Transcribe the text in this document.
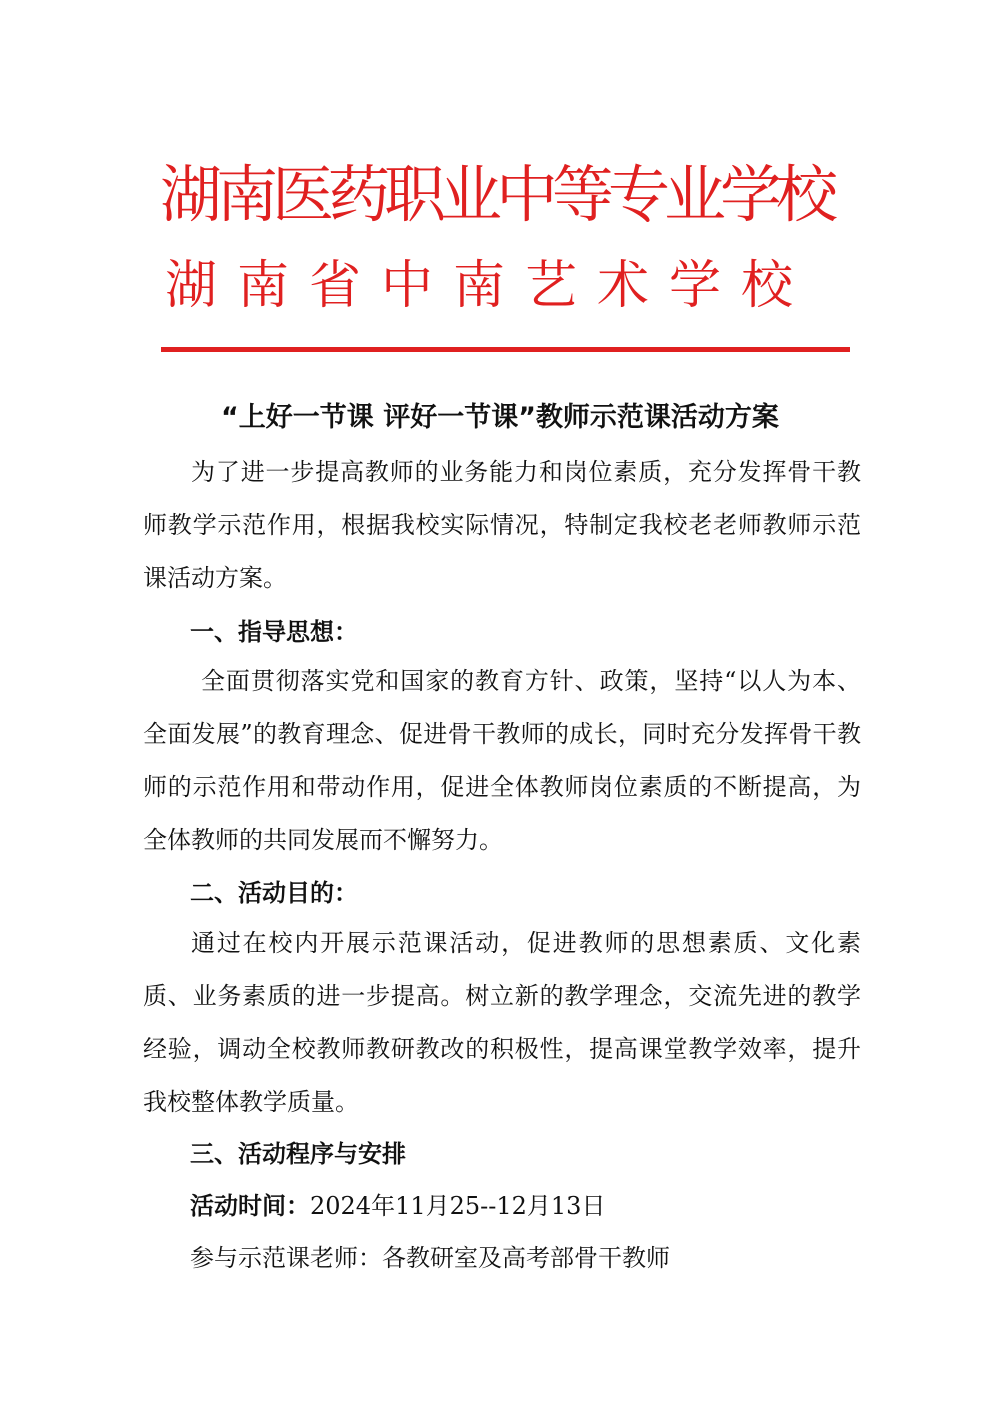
湖南医药职业中等专业学校
湖南省中南艺术学校
“上好一节课 评好一节课”教师示范课活动方案

为了进一步提高教师的业务能力和岗位素质，充分发挥骨干教师教学示范作用，根据我校实际情况，特制定我校老老师教师示范课活动方案。

一、指导思想：

全面贯彻落实党和国家的教育方针、政策，坚持“以人为本、全面发展”的教育理念、促进骨干教师的成长，同时充分发挥骨干教师的示范作用和带动作用，促进全体教师岗位素质的不断提高，为全体教师的共同发展而不懈努力。

二、活动目的：

通过在校内开展示范课活动，促进教师的思想素质、文化素质、业务素质的进一步提高。树立新的教学理念，交流先进的教学经验，调动全校教师教研教改的积极性，提高课堂教学效率，提升我校整体教学质量。

三、活动程序与安排
活动时间：2024年11月25--12月13日
参与示范课老师：各教研室及高考部骨干教师
